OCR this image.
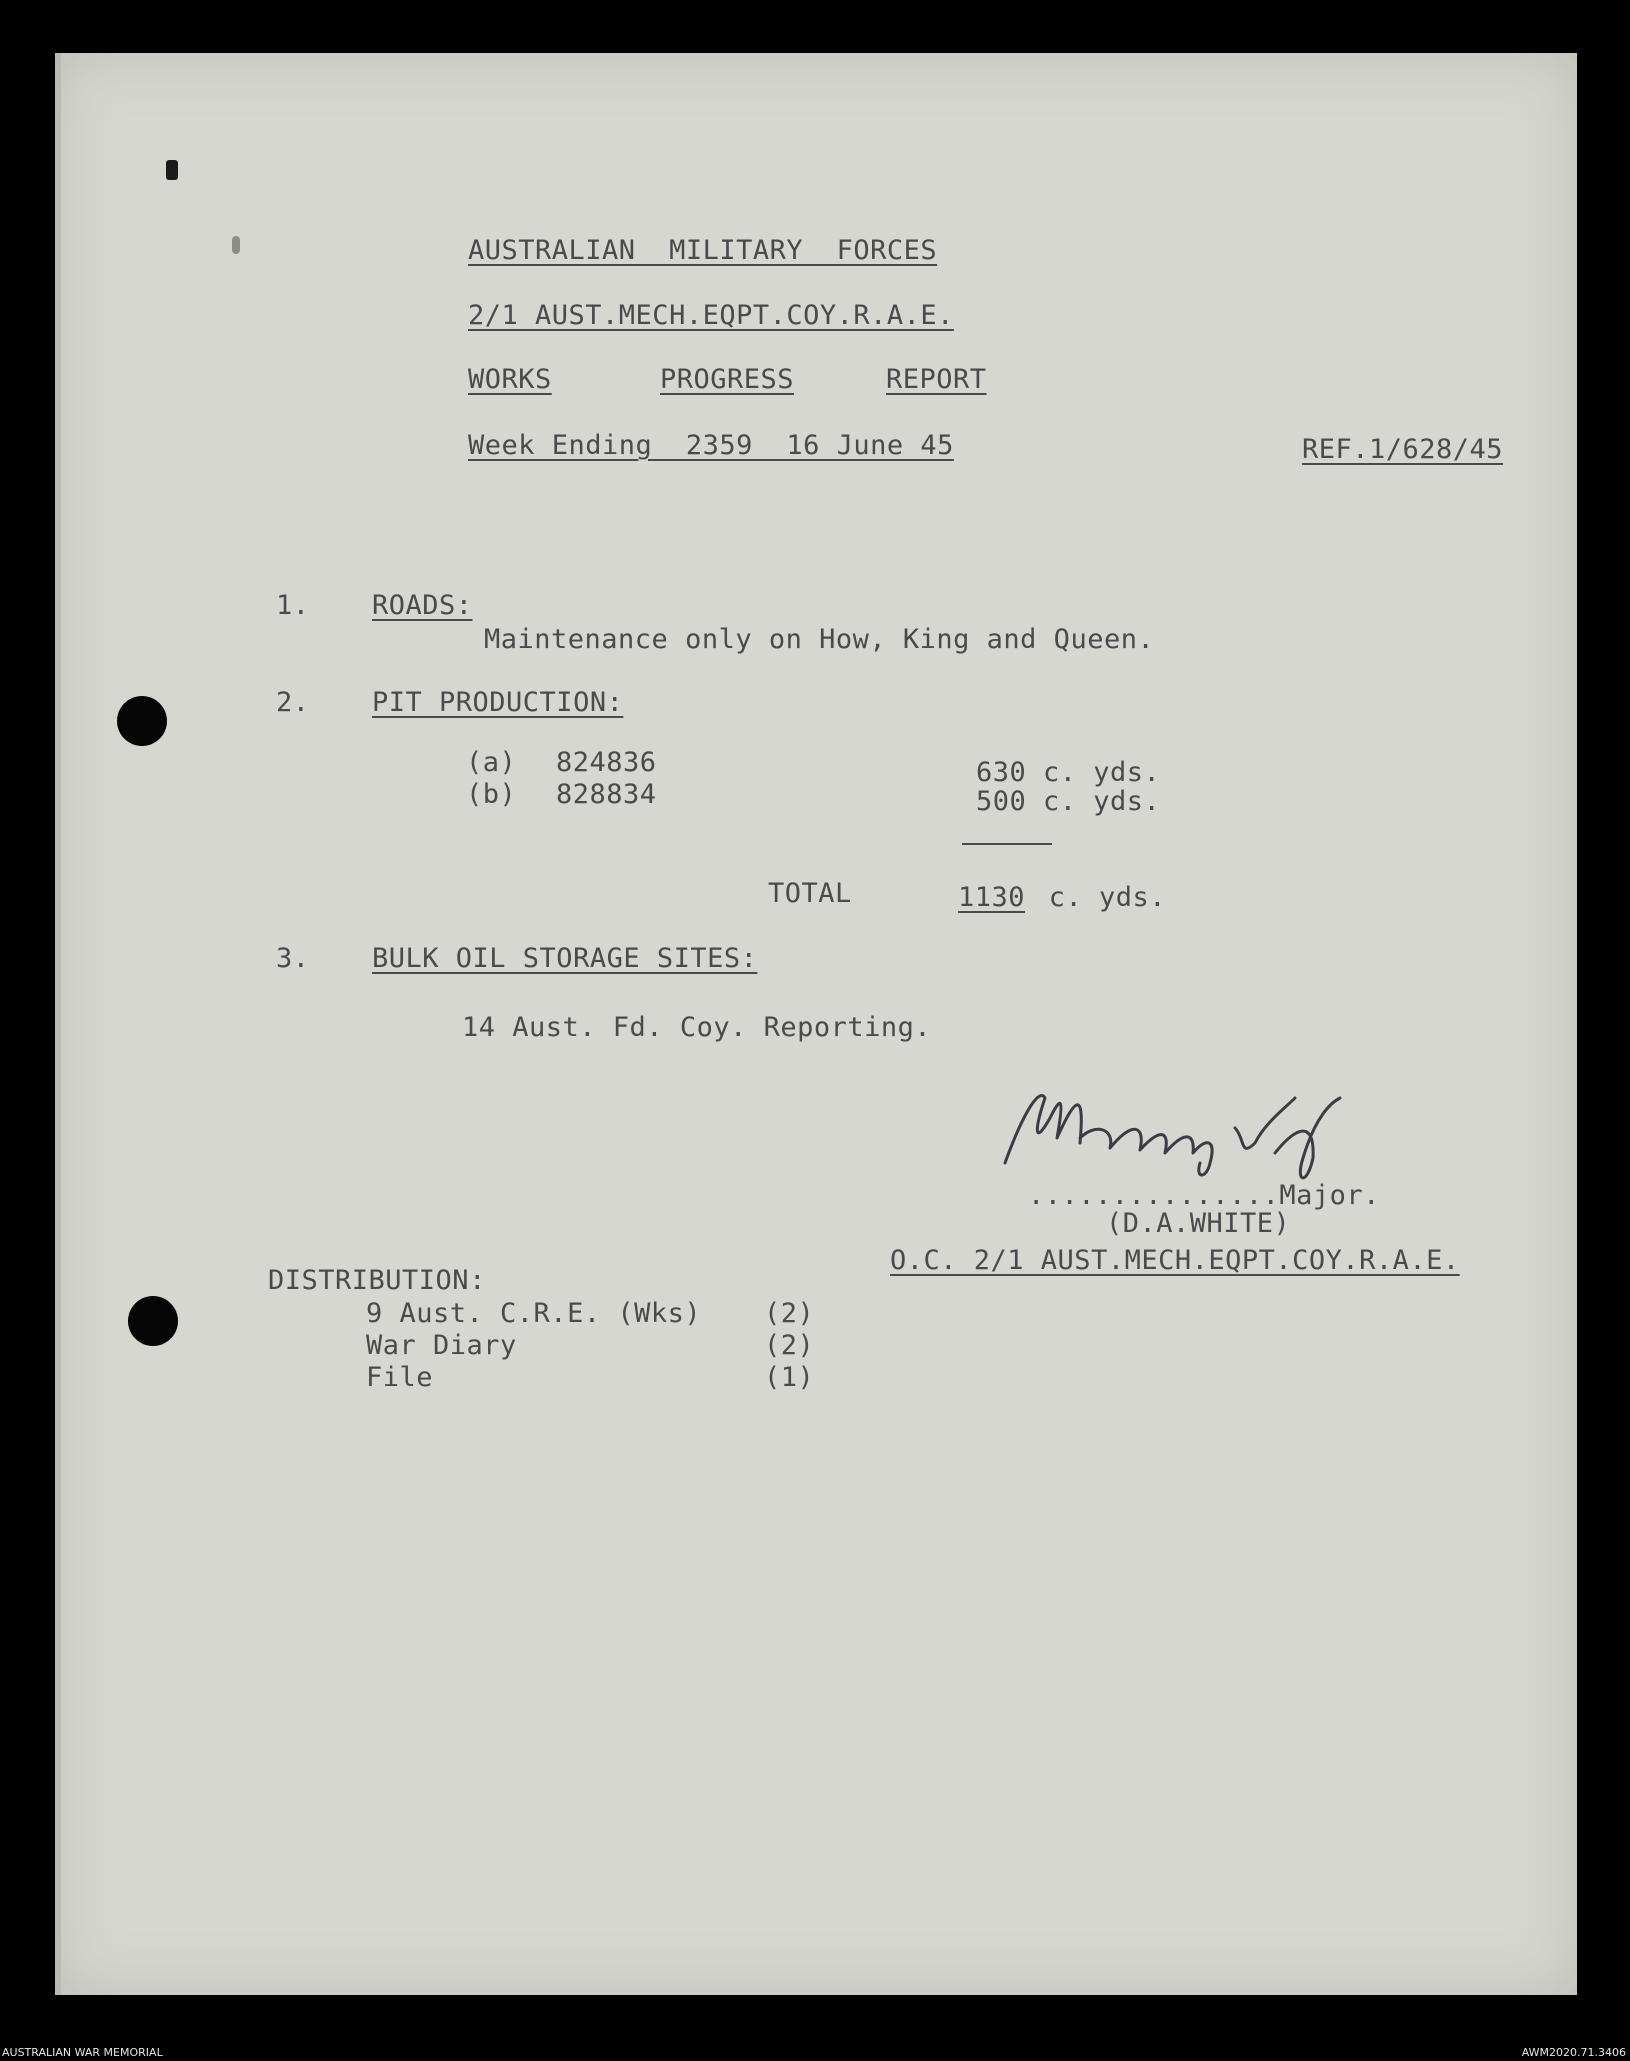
AUSTRALIAN  MILITARY  FORCES
2/1 AUST.MECH.EQPT.COY.R.A.E.
WORKS	PROGRESS	REPORT
Week Ending  2359  16 June 45	REF.1/628/45
1. ROADS:
Maintenance only on How, King and Queen.
2. PIT PRODUCTION:
(a) 824836	630 c. yds.
(b) 828834	500 c. yds.
TOTAL	1130 c. yds.
3. BULK OIL STORAGE SITES:
14 Aust. Fd. Coy. Reporting.
...............Major.
(D.A.WHITE)
O.C. 2/1 AUST.MECH.EQPT.COY.R.A.E.
DISTRIBUTION:
9 Aust. C.R.E. (Wks) (2)
War Diary	(2)
File	(1)
AUSTRALIAN WAR MEMORIAL	AWM2020.71.3406
